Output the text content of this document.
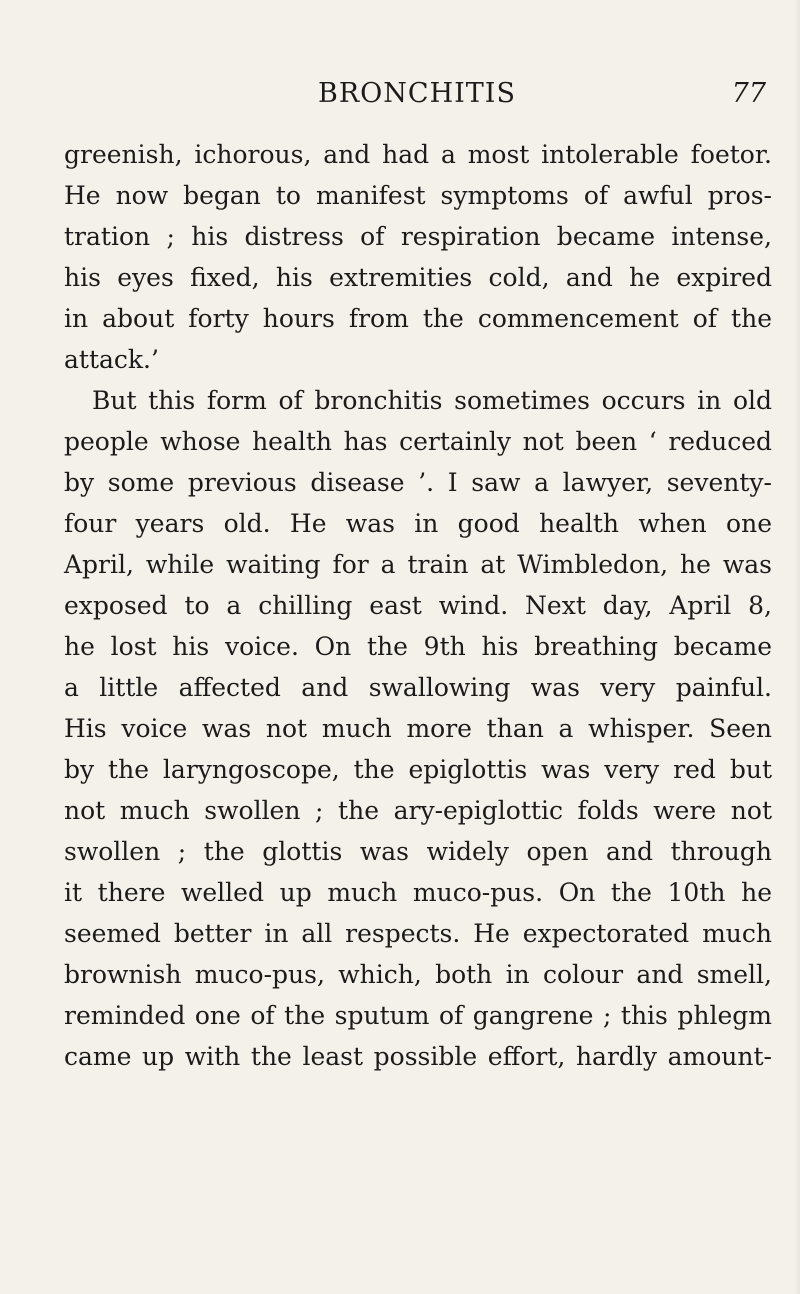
BRONCHITIS	77
greenish, ichorous, and had a most intolerable foetor.
He now began to manifest symptoms of awful pros-
tration ; his distress of respiration became intense,
his eyes fixed, his extremities cold, and he expired
in about forty hours from the commencement of the
attack.’
But this form of bronchitis sometimes occurs in old
people whose health has certainly not been ‘ reduced
by some previous disease ’. I saw a lawyer, seventy-
four years old. He was in good health when one
April, while waiting for a train at Wimbledon, he was
exposed to a chilling east wind. Next day, April 8,
he lost his voice. On the 9th his breathing became
a little affected and swallowing was very painful.
His voice was not much more than a whisper. Seen
by the laryngoscope, the epiglottis was very red but
not much swollen ; the ary-epiglottic folds were not
swollen ; the glottis was widely open and through
it there welled up much muco-pus. On the 10th he
seemed better in all respects. He expectorated much
brownish muco-pus, which, both in colour and smell,
reminded one of the sputum of gangrene ; this phlegm
came up with the least possible effort, hardly amount-
